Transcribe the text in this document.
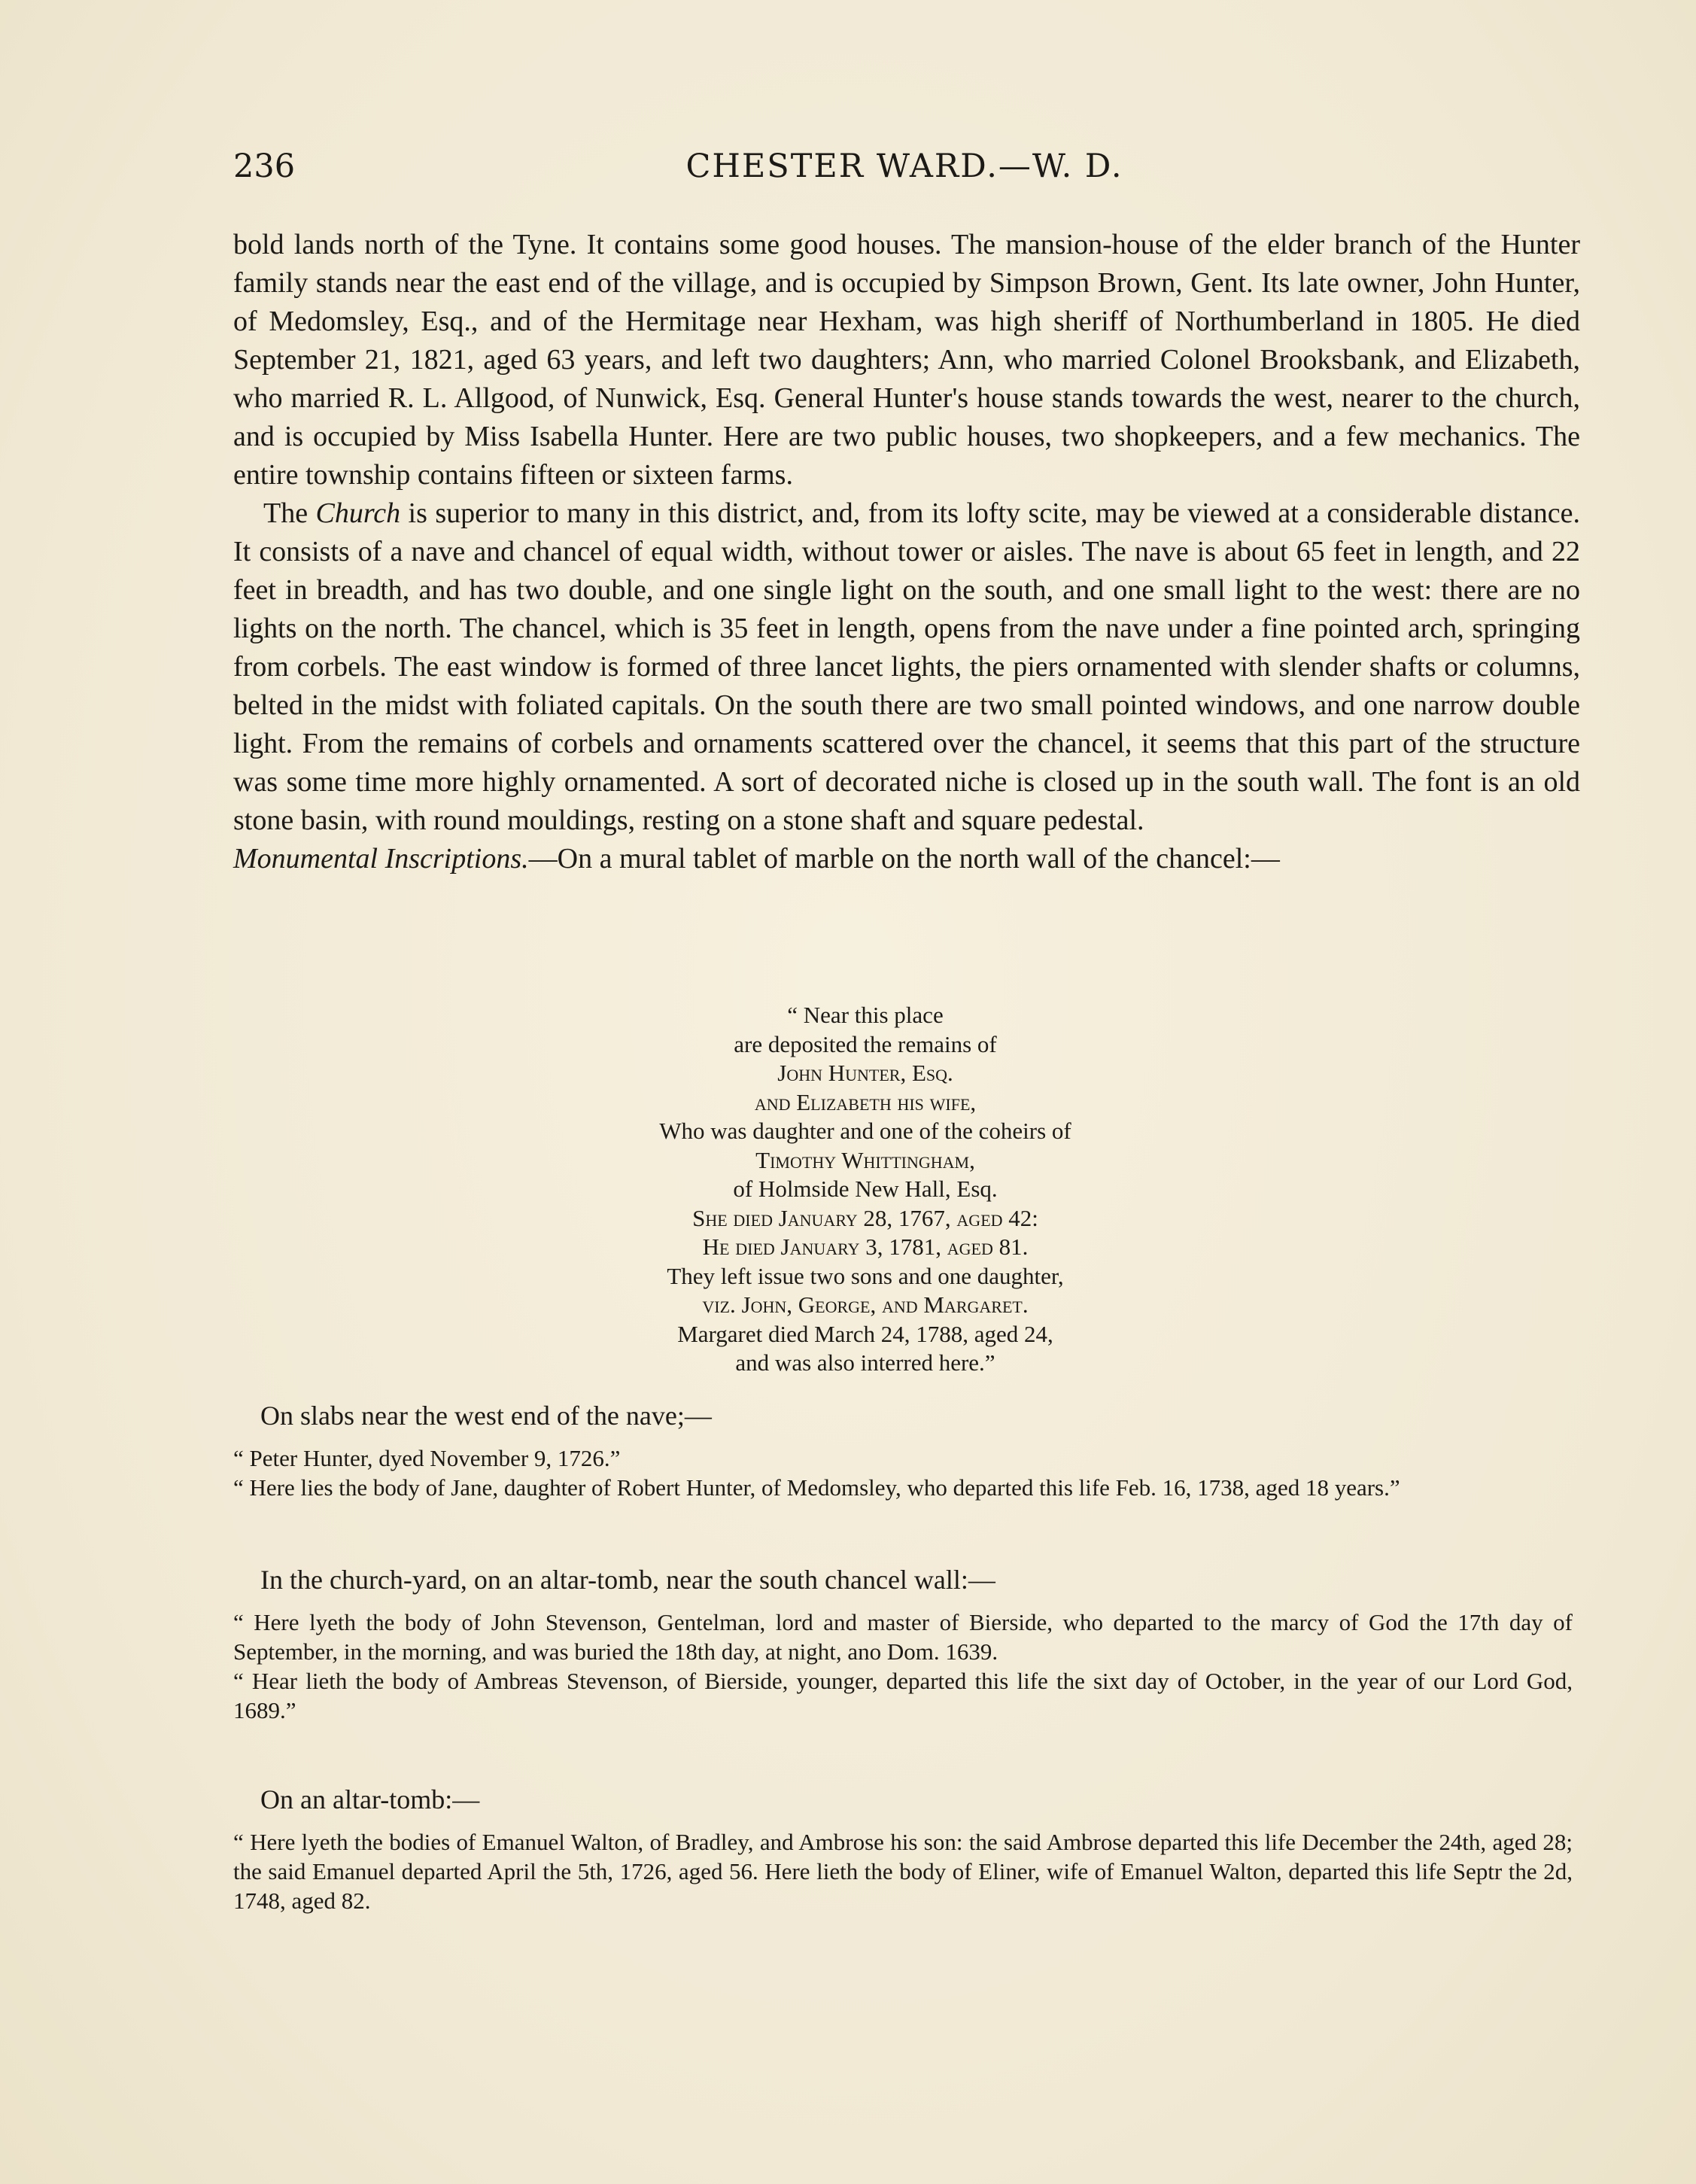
236	CHESTER WARD.—W. D.

bold lands north of the Tyne. It contains some good houses. The mansion-house of the elder branch of the Hunter family stands near the east end of the village, and is occupied by Simpson Brown, Gent. Its late owner, John Hunter, of Medomsley, Esq., and of the Hermitage near Hexham, was high sheriff of Northumberland in 1805. He died September 21, 1821, aged 63 years, and left two daughters; Ann, who married Colonel Brooksbank, and Elizabeth, who married R. L. Allgood, of Nunwick, Esq. General Hunter's house stands towards the west, nearer to the church, and is occupied by Miss Isabella Hunter. Here are two public houses, two shopkeepers, and a few mechanics. The entire township contains fifteen or sixteen farms.

The Church is superior to many in this district, and, from its lofty scite, may be viewed at a considerable distance. It consists of a nave and chancel of equal width, without tower or aisles. The nave is about 65 feet in length, and 22 feet in breadth, and has two double, and one single light on the south, and one small light to the west: there are no lights on the north. The chancel, which is 35 feet in length, opens from the nave under a fine pointed arch, springing from corbels. The east window is formed of three lancet lights, the piers ornamented with slender shafts or columns, belted in the midst with foliated capitals. On the south there are two small pointed windows, and one narrow double light. From the remains of corbels and ornaments scattered over the chancel, it seems that this part of the structure was some time more highly ornamented. A sort of decorated niche is closed up in the south wall. The font is an old stone basin, with round mouldings, resting on a stone shaft and square pedestal.

Monumental Inscriptions.—On a mural tablet of marble on the north wall of the chancel:—

“ Near this place
are deposited the remains of
John Hunter, Esq.
and Elizabeth his wife,
Who was daughter and one of the coheirs of
Timothy Whittingham,
of Holmside New Hall, Esq.
She died January 28, 1767, aged 42:
He died January 3, 1781, aged 81.
They left issue two sons and one daughter,
viz. John, George, and Margaret.
Margaret died March 24, 1788, aged 24,
and was also interred here.”
On slabs near the west end of the nave;—

“ Peter Hunter, dyed November 9, 1726.”

“ Here lies the body of Jane, daughter of Robert Hunter, of Medomsley, who departed this life Feb. 16, 1738, aged 18 years.”

In the church-yard, on an altar-tomb, near the south chancel wall:—

“ Here lyeth the body of John Stevenson, Gentelman, lord and master of Bierside, who departed to the marcy of God the 17th day of September, in the morning, and was buried the 18th day, at night, ano Dom. 1639.

“ Hear lieth the body of Ambreas Stevenson, of Bierside, younger, departed this life the sixt day of October, in the year of our Lord God, 1689.”

On an altar-tomb:—

“ Here lyeth the bodies of Emanuel Walton, of Bradley, and Ambrose his son: the said Ambrose departed this life December the 24th, aged 28; the said Emanuel departed April the 5th, 1726, aged 56. Here lieth the body of Eliner, wife of Emanuel Walton, departed this life Septr the 2d, 1748, aged 82.
